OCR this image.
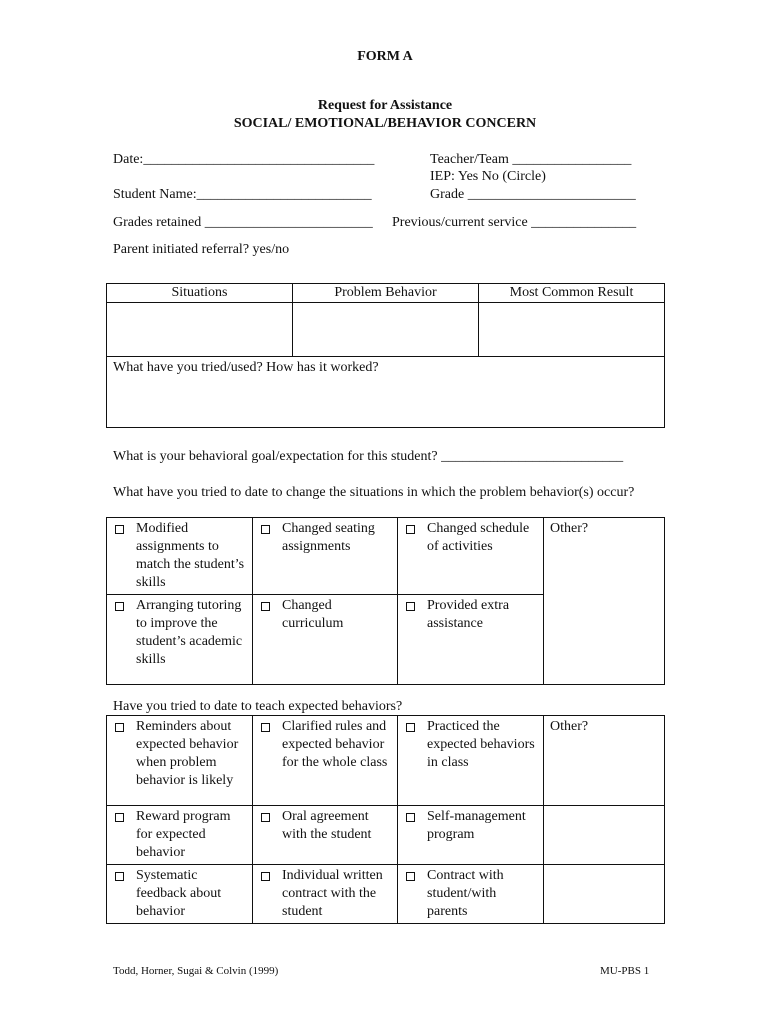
FORM A
Request for Assistance
SOCIAL/ EMOTIONAL/BEHAVIOR CONCERN
Date:_________________________________	Teacher/Team _________________
IEP: Yes No (Circle)
Student Name:_________________________	Grade ________________________
Grades retained ________________________ Previous/current service _______________
Parent initiated referral? yes/no
Situations	Problem Behavior	Most Common Result

What have you tried/used? How has it worked?		
What is your behavioral goal/expectation for this student? __________________________
What have you tried to date to change the situations in which the problem behavior(s) occur?
Modified assignments to match the student’s skills	Changed seating assignments	Changed schedule of activities	Other?

Arranging tutoring to improve the student’s academic skills	Changed curriculum	Provided extra assistance	
Have you tried to date to teach expected behaviors?
Reminders about expected behavior when problem behavior is likely	Clarified rules and expected behavior for the whole class	Practiced the expected behaviors in class	Other?

Reward program for expected behavior	Oral agreement with the student	Self-management program	

Systematic feedback about behavior	Individual written contract with the student	Contract with student/with parents	

Todd, Horner, Sugai & Colvin (1999)	MU-PBS 1
